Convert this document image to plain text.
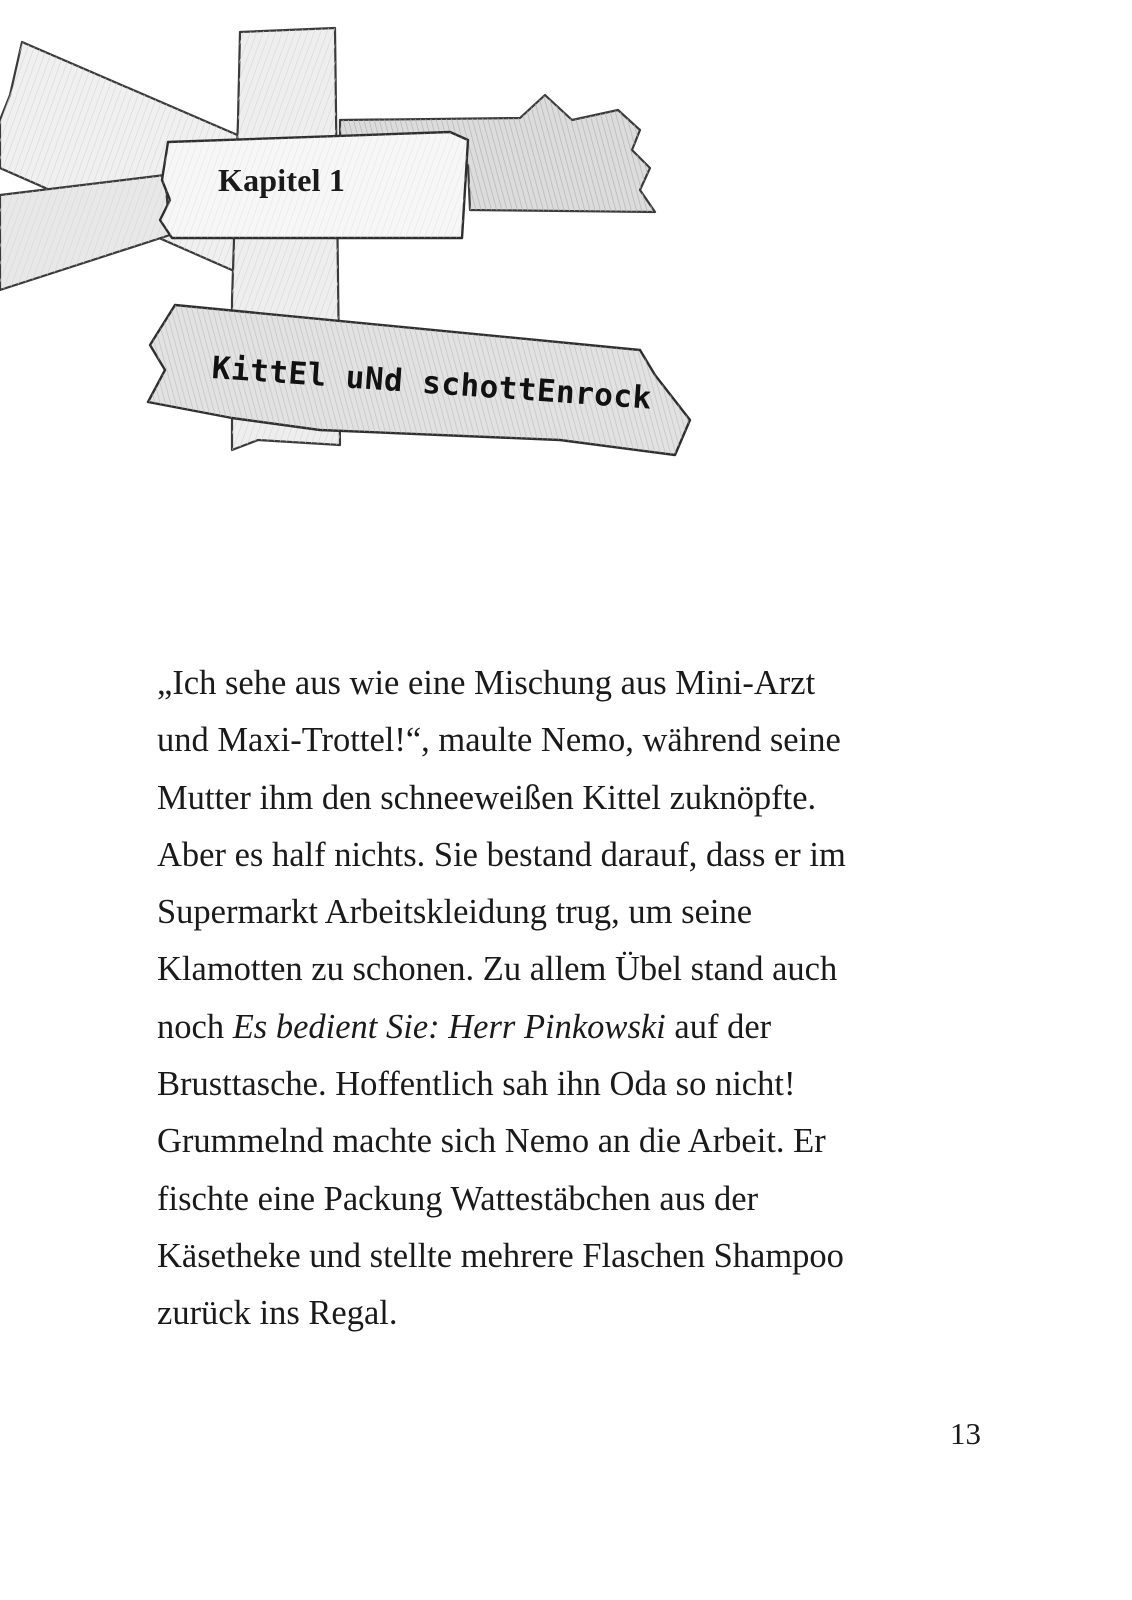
Kapitel 1
KittEl uNd schottEnrock

„Ich sehe aus wie eine Mischung aus Mini-Arzt
und Maxi-Trottel!“, maulte Nemo, während seine
Mutter ihm den schneeweißen Kittel zuknöpfte.
Aber es half nichts. Sie bestand darauf, dass er im
Supermarkt Arbeitskleidung trug, um seine
Klamotten zu schonen. Zu allem Übel stand auch
noch Es bedient Sie: Herr Pinkowski auf der
Brusttasche. Hoffentlich sah ihn Oda so nicht!
Grummelnd machte sich Nemo an die Arbeit. Er
fischte eine Packung Wattestäbchen aus der
Käsetheke und stellte mehrere Flaschen Shampoo
zurück ins Regal.

13
